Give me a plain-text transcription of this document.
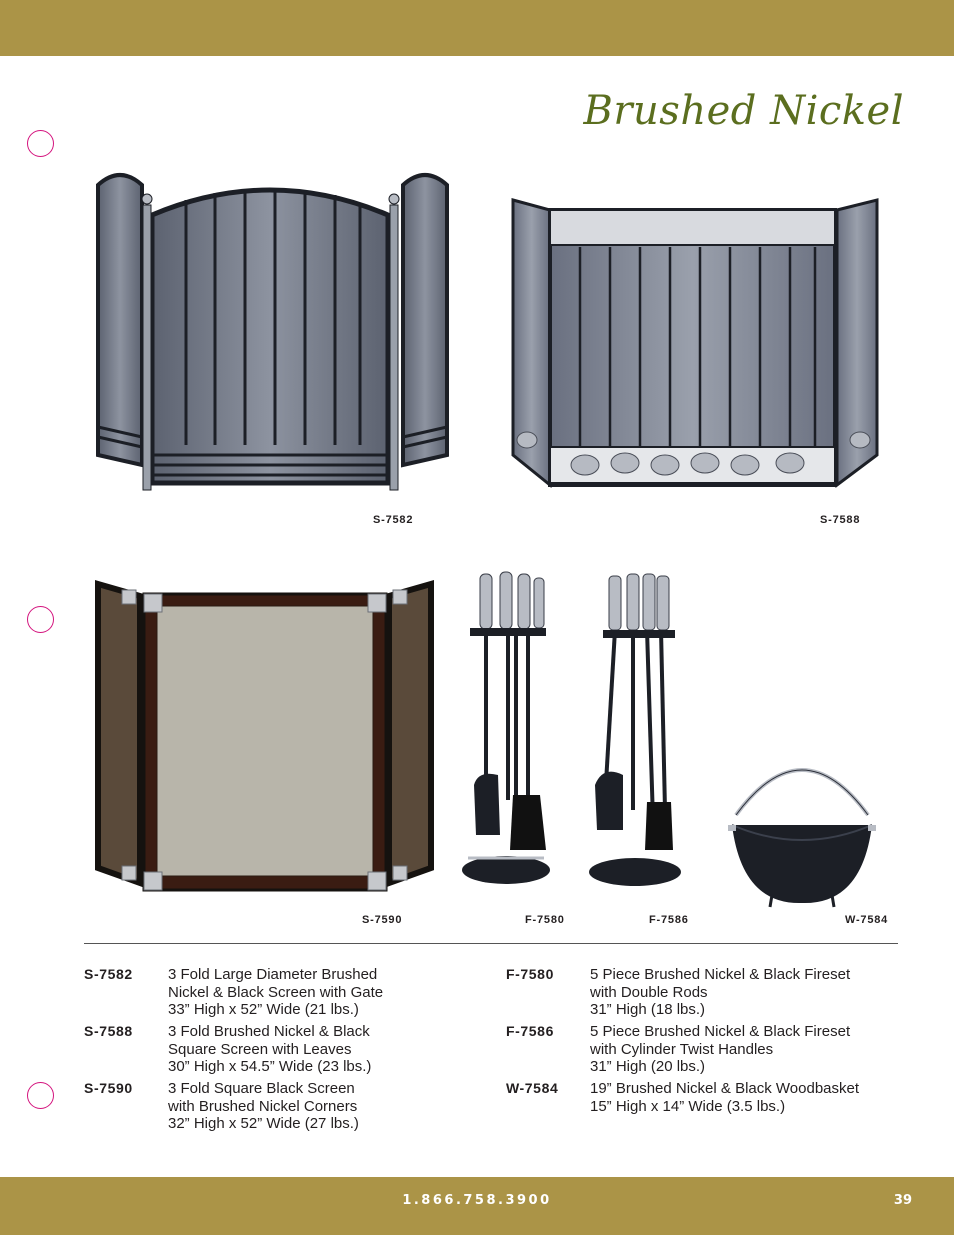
Brushed Nickel
S-7582	S-7588
S-7590	F-7580	F-7586	W-7584
S-7582 3 Fold Large Diameter Brushed
Nickel & Black Screen with Gate
33” High x 52” Wide (21 lbs.)
S-7588 3 Fold Brushed Nickel & Black
Square Screen with Leaves
30” High x 54.5” Wide (23 lbs.)
S-7590 3 Fold Square Black Screen
with Brushed Nickel Corners
32” High x 52” Wide (27 lbs.)
F-7580 5 Piece Brushed Nickel & Black Fireset
with Double Rods
31” High (18 lbs.)
F-7586 5 Piece Brushed Nickel & Black Fireset
with Cylinder Twist Handles
31” High (20 lbs.)
W-7584 19” Brushed Nickel & Black Woodbasket
15” High x 14” Wide (3.5 lbs.)
1.866.758.3900	39
